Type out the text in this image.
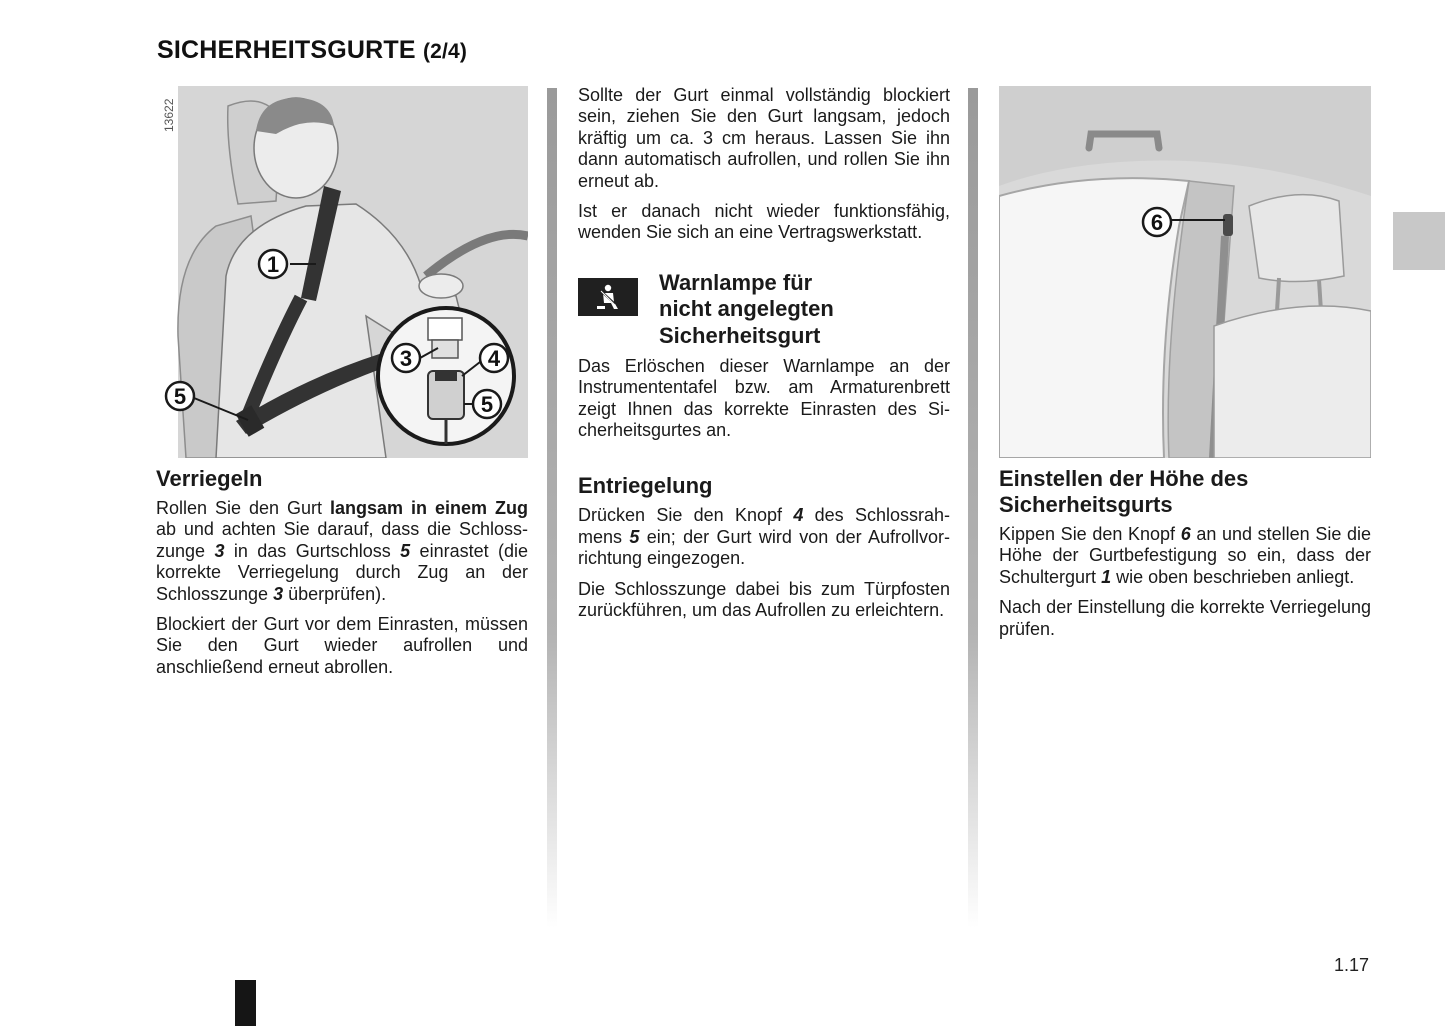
SICHERHEITSGURTE (2/4)
1.17
13622
1
3	4
5	5
Verriegeln

Rollen Sie den Gurt langsam in einem Zug ab und achten Sie darauf, dass die Schlosszunge 3 in das Gurtschloss 5 einrastet (die korrekte Verriegelung durch Zug an der Schlosszunge 3 überprüfen).

Blockiert der Gurt vor dem Einrasten, müssen Sie den Gurt wieder aufrollen und anschließend erneut abrollen.

Sollte der Gurt einmal vollständig blockiert sein, ziehen Sie den Gurt langsam, jedoch kräftig um ca. 3 cm heraus. Lassen Sie ihn dann automatisch aufrollen, und rollen Sie ihn erneut ab.

Ist er danach nicht wieder funktionsfähig, wenden Sie sich an eine Vertragswerkstatt.

Warnlampe für
nicht angelegten
Sicherheitsgurt

Das Erlöschen dieser Warnlampe an der Instrumententafel bzw. am Armaturenbrett zeigt Ihnen das korrekte Einrasten des Sicherheitsgurtes an.

Entriegelung

Drücken Sie den Knopf 4 des Schlossrahmens 5 ein; der Gurt wird von der Aufrollvorrichtung eingezogen.

Die Schlosszunge dabei bis zum Türpfosten zurückführen, um das Aufrollen zu erleichtern.

6
Einstellen der Höhe des
Sicherheitsgurts

Kippen Sie den Knopf 6 an und stellen Sie die Höhe der Gurtbefestigung so ein, dass der Schultergurt 1 wie oben beschrieben anliegt.

Nach der Einstellung die korrekte Verriegelung prüfen.
